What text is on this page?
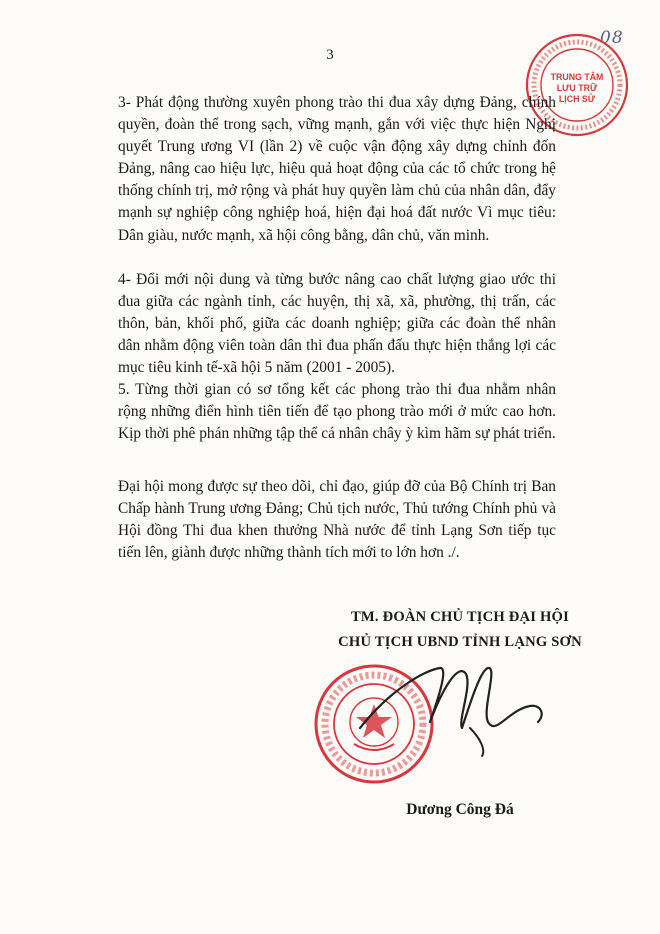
3
08
TRUNG TÂM
LƯU TRỮ
LỊCH SỬ

3- Phát động thường xuyên phong trào thi đua xây dựng Đảng, chính quyền, đoàn thể trong sạch, vững mạnh, gắn với việc thực hiện Nghị quyết Trung ương VI (lần 2) về cuộc vận động xây dựng chỉnh đốn Đảng, nâng cao hiệu lực, hiệu quả hoạt động của các tổ chức trong hệ thống chính trị, mở rộng và phát huy quyền làm chủ của nhân dân, đẩy mạnh sự nghiệp công nghiệp hoá, hiện đại hoá đất nước Vì mục tiêu: Dân giàu, nước mạnh, xã hội công bằng, dân chủ, văn minh.

4- Đổi mới nội dung và từng bước nâng cao chất lượng giao ước thi đua giữa các ngành tỉnh, các huyện, thị xã, xã, phường, thị trấn, các thôn, bản, khối phố, giữa các doanh nghiệp; giữa các đoàn thể nhân dân nhằm động viên toàn dân thi đua phấn đấu thực hiện thắng lợi các mục tiêu kinh tế-xã hội 5 năm (2001 - 2005).

5. Từng thời gian có sơ tổng kết các phong trào thi đua nhằm nhân rộng những điển hình tiên tiến để tạo phong trào mới ở mức cao hơn. Kịp thời phê phán những tập thể cá nhân chây ỳ kìm hãm sự phát triển.

Đại hội mong được sự theo dõi, chỉ đạo, giúp đỡ của Bộ Chính trị Ban Chấp hành Trung ương Đảng; Chủ tịch nước, Thủ tướng Chính phủ và Hội đồng Thi đua khen thưởng Nhà nước để tỉnh Lạng Sơn tiếp tục tiến lên, giành được những thành tích mới to lớn hơn ./.

TM. ĐOÀN CHỦ TỊCH ĐẠI HỘI
CHỦ TỊCH UBND TỈNH LẠNG SƠN
Dương Công Đá
